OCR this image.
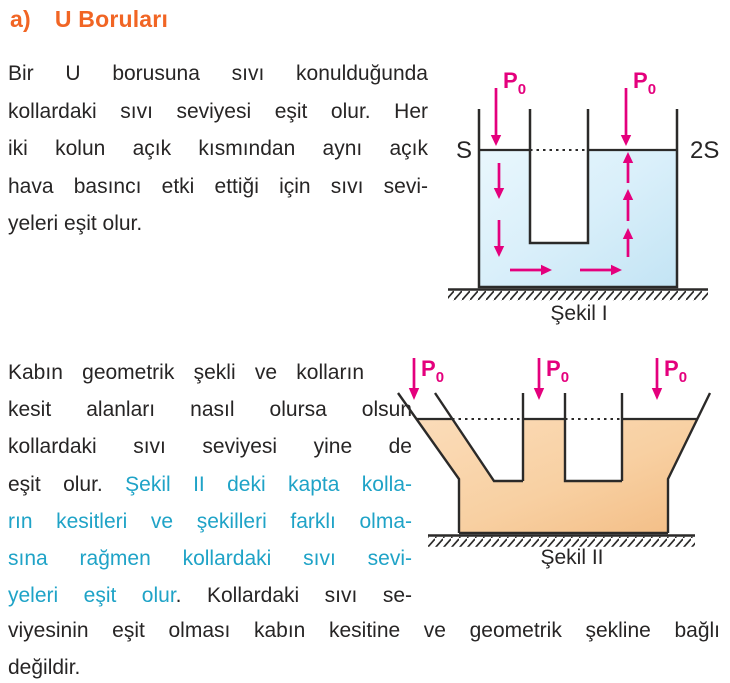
a) U Boruları
Bir U borusuna sıvı konulduğunda
kollardaki sıvı seviyesi eşit olur. Her
iki kolun açık kısmından aynı açık
hava basıncı etki ettiği için sıvı sevi-
yeleri eşit olur.
S	2S
$P_0$	$P_0$
Şekil I
Kabın geometrik şekli ve kolların
kesit alanları nasıl olursa olsun
kollardaki sıvı seviyesi yine de
eşit olur. Şekil II deki kapta kolla-
rın kesitleri ve şekilleri farklı olma-
sına rağmen kollardaki sıvı sevi-
yeleri eşit olur. Kollardaki sıvı se-
$P_0$	$P_0$	$P_0$
Şekil II
viyesinin eşit olması kabın kesitine ve geometrik şekline bağlı
değildir.
